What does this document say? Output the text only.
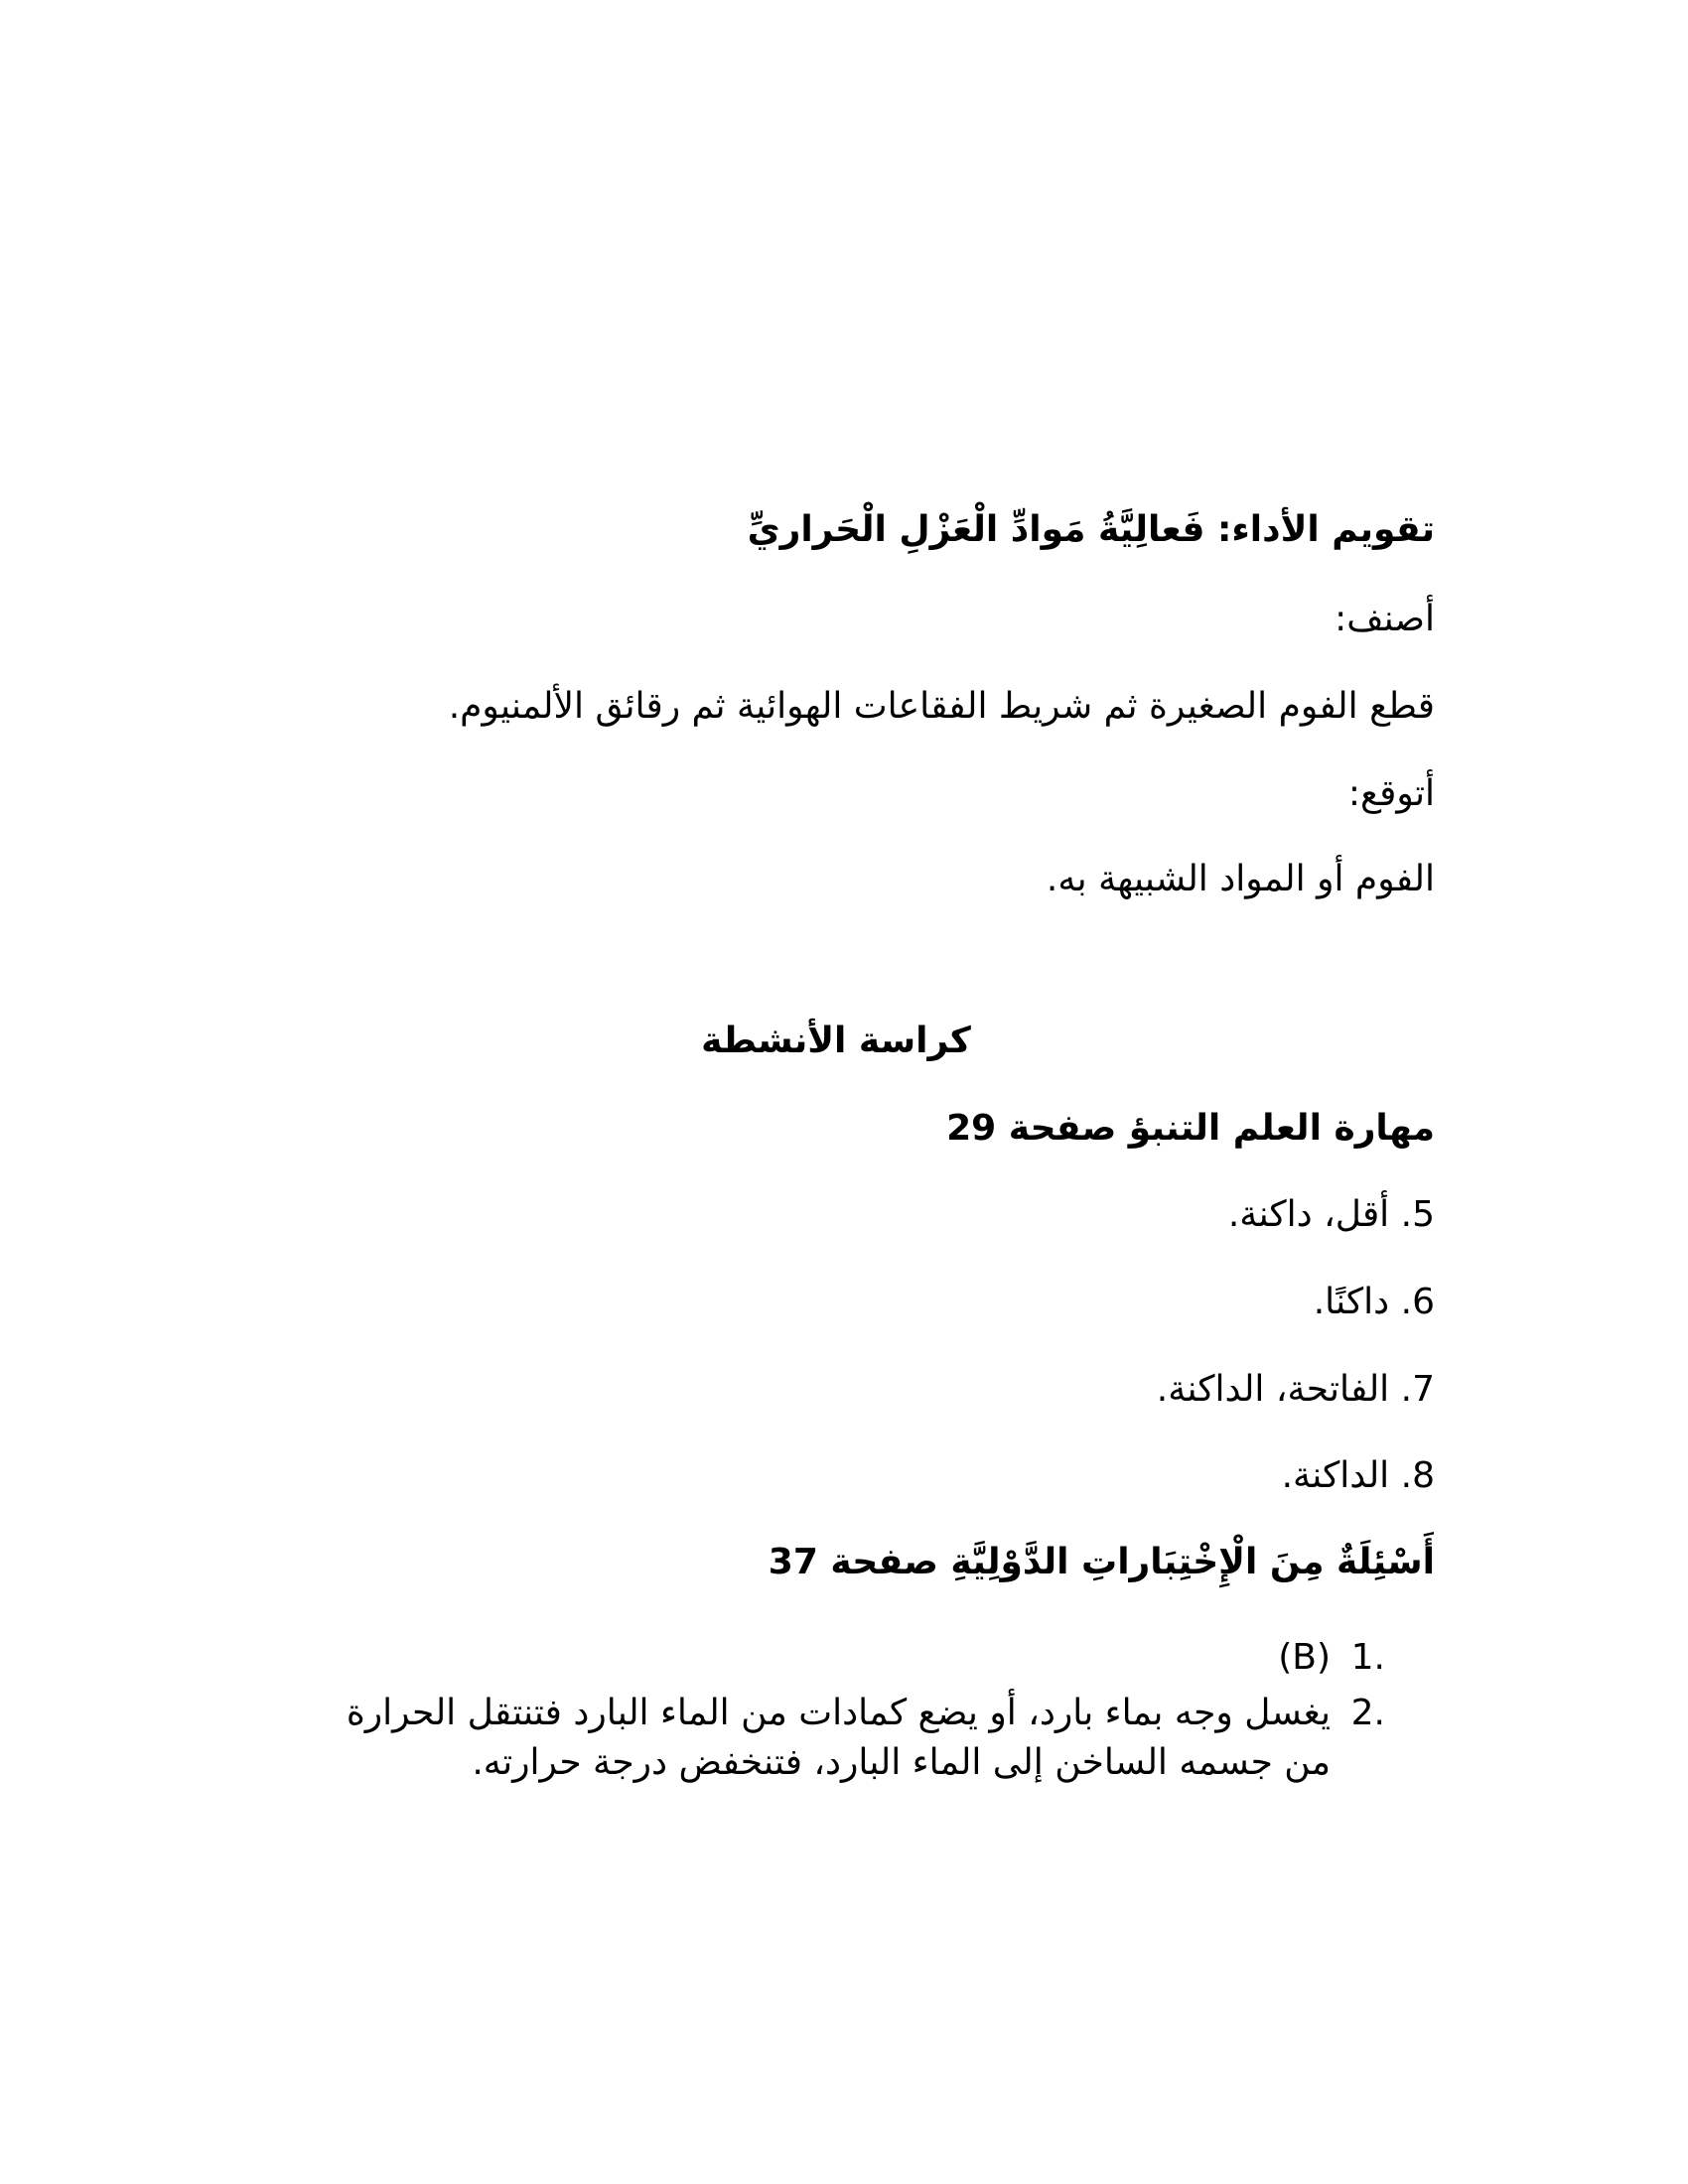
تقويم الأداء: فَعالِيَّةُ مَوادِّ الْعَزْلِ الْحَراريِّ
أصنف:
قطع الفوم الصغيرة ثم شريط الفقاعات الهوائية ثم رقائق الألمنيوم.
أتوقع:
الفوم أو المواد الشبيهة به.
كراسة الأنشطة
مهارة العلم التنبؤ صفحة 29
5. أقل، داكنة.
6. داكنًا.
7. الفاتحة، الداكنة.
8. الداكنة.
أَسْئِلَةٌ مِنَ الْإِخْتِبَاراتِ الدَّوْلِيَّةِ صفحة 37
.1
(B)
.2
يغسل وجه بماء بارد، أو يضع كمادات من الماء البارد فتنتقل الحرارة من جسمه الساخن إلى الماء البارد، فتنخفض درجة حرارته.
